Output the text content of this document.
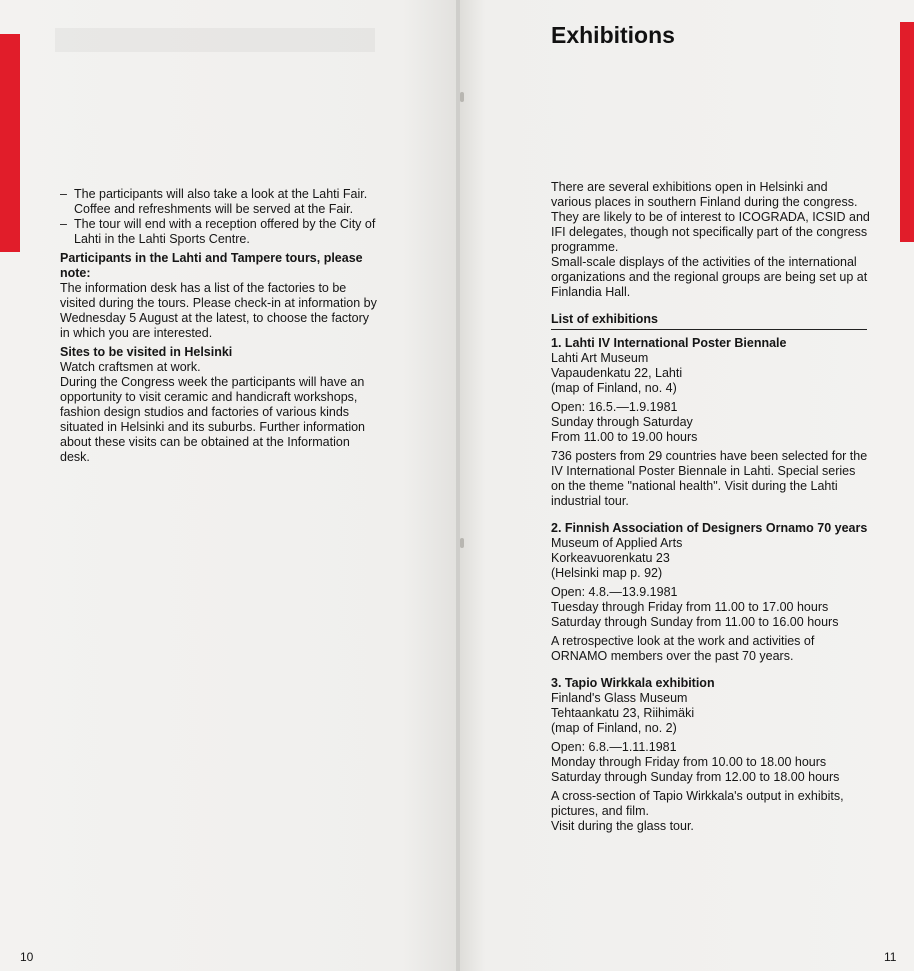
– The participants will also take a look at the Lahti Fair. Coffee and refreshments will be served at the Fair.
– The tour will end with a reception offered by the City of Lahti in the Lahti Sports Centre.
Participants in the Lahti and Tampere tours, please note:
The information desk has a list of the factories to be visited during the tours. Please check-in at information by Wednesday 5 August at the latest, to choose the factory in which you are interested.
Sites to be visited in Helsinki
Watch craftsmen at work.
During the Congress week the participants will have an opportunity to visit ceramic and handicraft workshops, fashion design studios and factories of various kinds situated in Helsinki and its suburbs. Further information about these visits can be obtained at the Information desk.
10
Exhibitions
There are several exhibitions open in Helsinki and various places in southern Finland during the congress. They are likely to be of interest to ICOGRADA, ICSID and IFI delegates, though not specifically part of the congress programme.
Small-scale displays of the activities of the international organizations and the regional groups are being set up at Finlandia Hall.
List of exhibitions
1. Lahti IV International Poster Biennale
Lahti Art Museum
Vapaudenkatu 22, Lahti
(map of Finland, no. 4)
Open: 16.5.—1.9.1981
Sunday through Saturday
From 11.00 to 19.00 hours
736 posters from 29 countries have been selected for the IV International Poster Biennale in Lahti. Special series on the theme "national health". Visit during the Lahti industrial tour.
2. Finnish Association of Designers Ornamo 70 years
Museum of Applied Arts
Korkeavuorenkatu 23
(Helsinki map p. 92)
Open: 4.8.—13.9.1981
Tuesday through Friday from 11.00 to 17.00 hours
Saturday through Sunday from 11.00 to 16.00 hours
A retrospective look at the work and activities of ORNAMO members over the past 70 years.
3. Tapio Wirkkala exhibition
Finland's Glass Museum
Tehtaankatu 23, Riihimäki
(map of Finland, no. 2)
Open: 6.8.—1.11.1981
Monday through Friday from 10.00 to 18.00 hours
Saturday through Sunday from 12.00 to 18.00 hours
A cross-section of Tapio Wirkkala's output in exhibits, pictures, and film.
Visit during the glass tour.
11
